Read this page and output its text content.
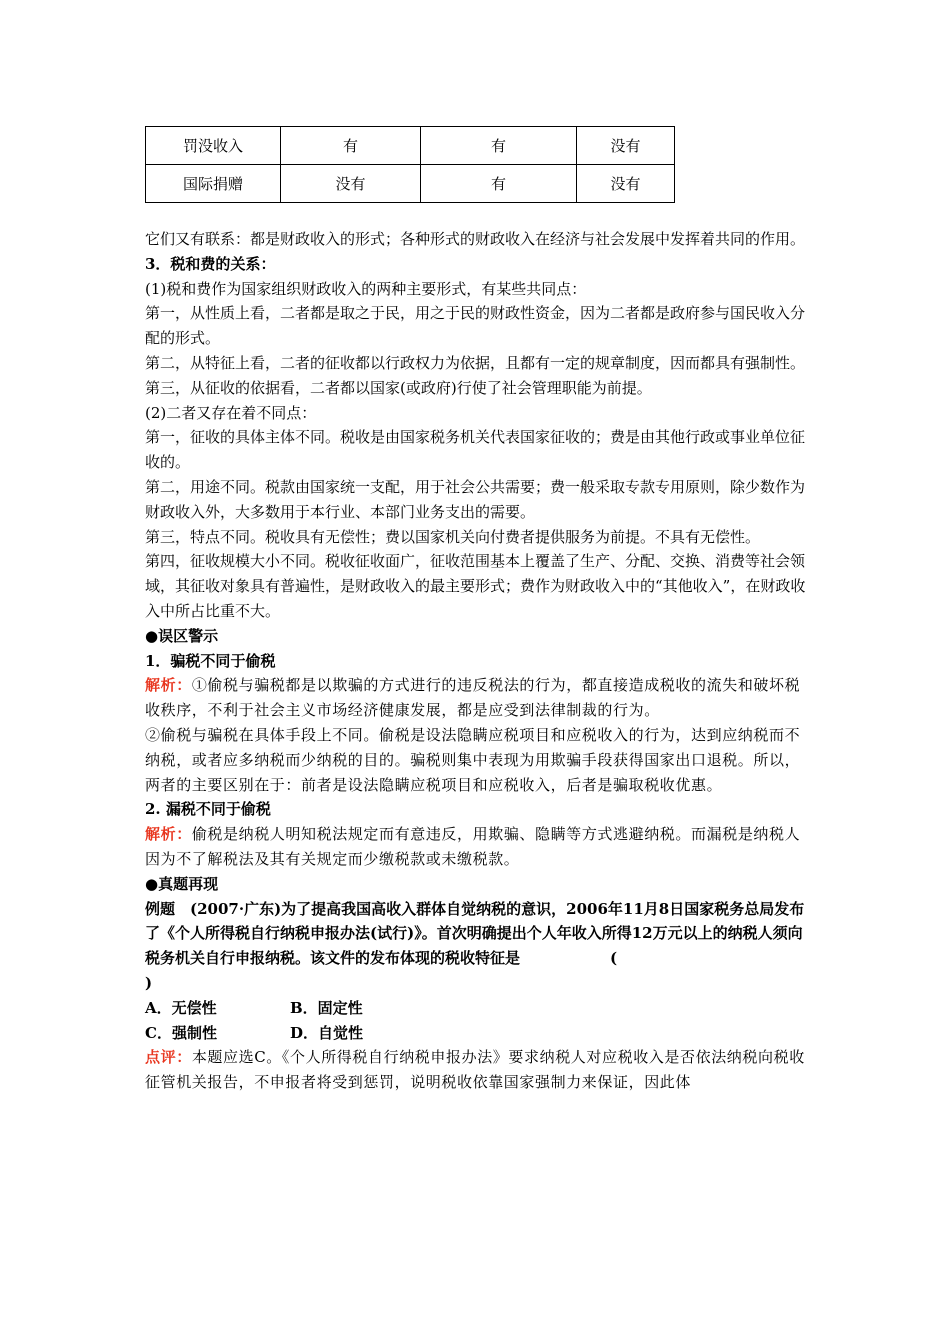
罚没收入	有	有	没有
国际捐赠	没有	有	没有

它们又有联系：都是财政收入的形式；各种形式的财政收入在经济与社会发展中发挥着共同的作用。

3．税和费的关系：

(1)税和费作为国家组织财政收入的两种主要形式，有某些共同点：

第一，从性质上看，二者都是取之于民，用之于民的财政性资金，因为二者都是政府参与国民收入分配的形式。

第二，从特征上看，二者的征收都以行政权力为依据，且都有一定的规章制度，因而都具有强制性。

第三，从征收的依据看，二者都以国家(或政府)行使了社会管理职能为前提。

(2)二者又存在着不同点：

第一，征收的具体主体不同。税收是由国家税务机关代表国家征收的；费是由其他行政或事业单位征收的。

第二，用途不同。税款由国家统一支配，用于社会公共需要；费一般采取专款专用原则，除少数作为财政收入外，大多数用于本行业、本部门业务支出的需要。

第三，特点不同。税收具有无偿性；费以国家机关向付费者提供服务为前提。不具有无偿性。

第四，征收规模大小不同。税收征收面广，征收范围基本上覆盖了生产、分配、交换、消费等社会领域，其征收对象具有普遍性，是财政收入的最主要形式；费作为财政收入中的“其他收入”，在财政收入中所占比重不大。

●误区警示

1．骗税不同于偷税

解析：①偷税与骗税都是以欺骗的方式进行的违反税法的行为，都直接造成税收的流失和破坏税收秩序，不利于社会主义市场经济健康发展，都是应受到法律制裁的行为。

②偷税与骗税在具体手段上不同。偷税是设法隐瞒应税项目和应税收入的行为，达到应纳税而不纳税，或者应多纳税而少纳税的目的。骗税则集中表现为用欺骗手段获得国家出口退税。所以，两者的主要区别在于：前者是设法隐瞒应税项目和应税收入，后者是骗取税收优惠。

2. 漏税不同于偷税

解析：偷税是纳税人明知税法规定而有意违反，用欺骗、隐瞒等方式逃避纳税。而漏税是纳税人因为不了解税法及其有关规定而少缴税款或未缴税款。

●真题再现

例题　(2007·广东)为了提高我国高收入群体自觉纳税的意识，2006年11月8日国家税务总局发布了《个人所得税自行纳税申报办法(试行)》。首次明确提出个人年收入所得12万元以上的纳税人须向税务机关自行申报纳税。该文件的发布体现的税收特征是	(
)

A．无偿性	B．固定性
C．强制性	D．自觉性

点评：本题应选C。《个人所得税自行纳税申报办法》要求纳税人对应税收入是否依法纳税向税收征管机关报告，不申报者将受到惩罚，说明税收依靠国家强制力来保证，因此体
